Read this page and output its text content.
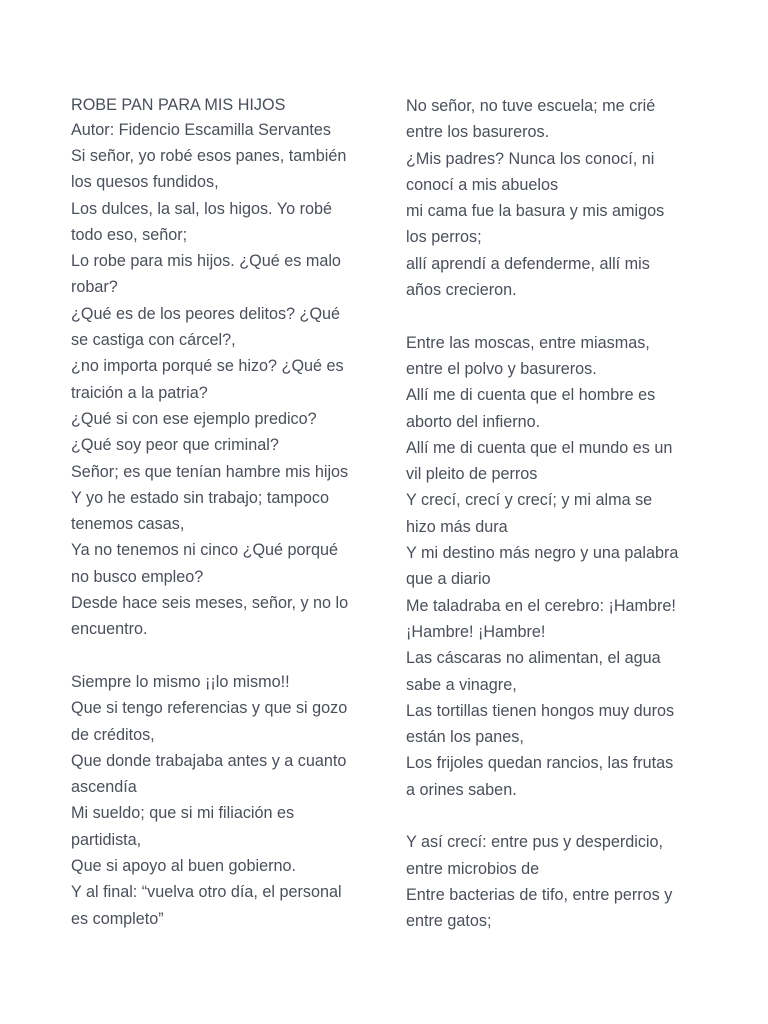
ROBE PAN PARA MIS HIJOS
Autor: Fidencio Escamilla Servantes
Si señor, yo robé esos panes, también
los quesos fundidos,
Los dulces, la sal, los higos. Yo robé
todo eso, señor;
Lo robe para mis hijos. ¿Qué es malo
robar?
¿Qué es de los peores delitos? ¿Qué
se castiga con cárcel?,
¿no importa porqué se hizo? ¿Qué es
traición a la patria?
¿Qué si con ese ejemplo predico?
¿Qué soy peor que criminal?
Señor; es que tenían hambre mis hijos
Y yo he estado sin trabajo; tampoco
tenemos casas,
Ya no tenemos ni cinco ¿Qué porqué
no busco empleo?
Desde hace seis meses, señor, y no lo
encuentro.
Siempre lo mismo ¡¡lo mismo!!
Que si tengo referencias y que si gozo
de créditos,
Que donde trabajaba antes y a cuanto
ascendía
Mi sueldo; que si mi filiación es
partidista,
Que si apoyo al buen gobierno.
Y al final: “vuelva otro día, el personal
es completo”
No señor, no tuve escuela; me crié
entre los basureros.
¿Mis padres? Nunca los conocí, ni
conocí a mis abuelos
mi cama fue la basura y mis amigos
los perros;
allí aprendí a defenderme, allí mis
años crecieron.
Entre las moscas, entre miasmas,
entre el polvo y basureros.
Allí me di cuenta que el hombre es
aborto del infierno.
Allí me di cuenta que el mundo es un
vil pleito de perros
Y crecí, crecí y crecí; y mi alma se
hizo más dura
Y mi destino más negro y una palabra
que a diario
Me taladraba en el cerebro: ¡Hambre!
¡Hambre! ¡Hambre!
Las cáscaras no alimentan, el agua
sabe a vinagre,
Las tortillas tienen hongos muy duros
están los panes,
Los frijoles quedan rancios, las frutas
a orines saben.
Y así crecí: entre pus y desperdicio,
entre microbios de
Entre bacterias de tifo, entre perros y
entre gatos;
